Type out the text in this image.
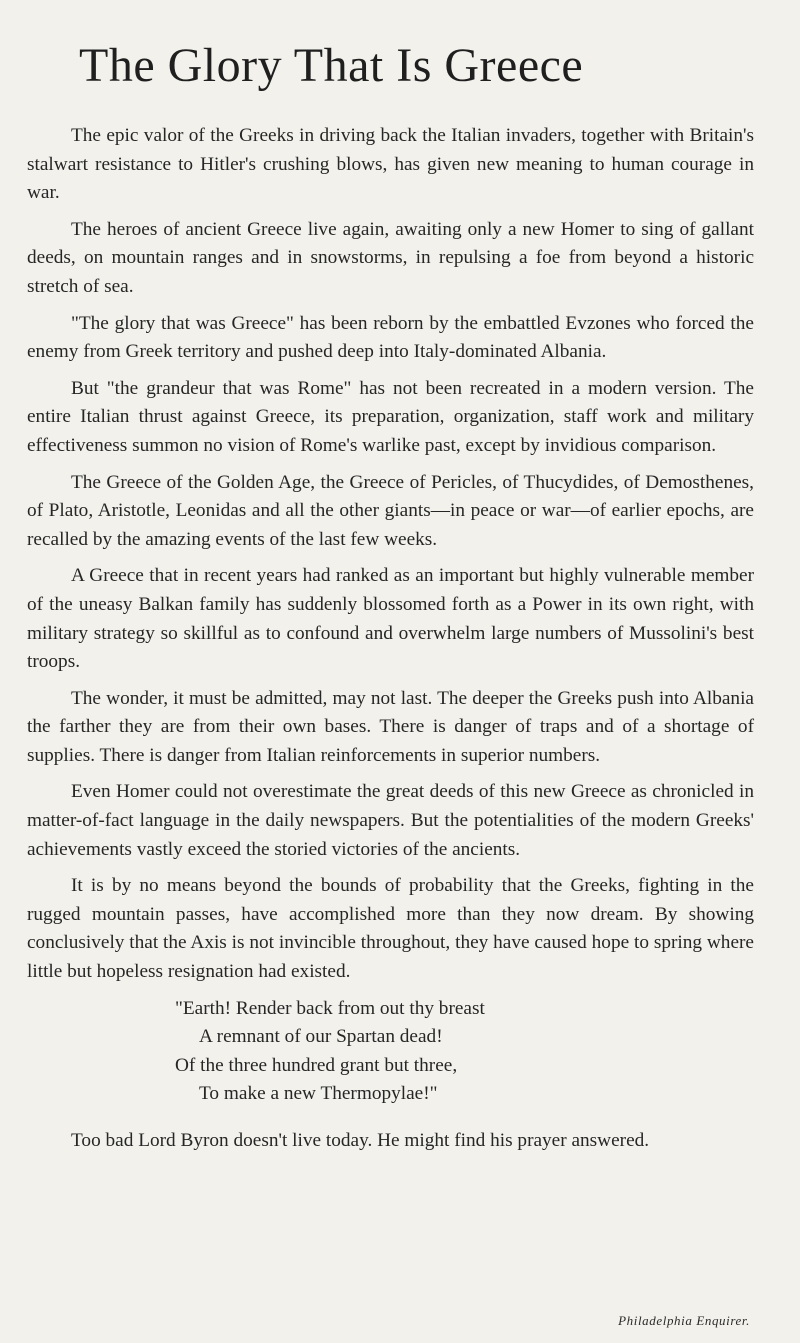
The Glory That Is Greece

The epic valor of the Greeks in driving back the Italian invaders, together with Britain's stalwart resistance to Hitler's crushing blows, has given new meaning to human courage in war.

The heroes of ancient Greece live again, awaiting only a new Homer to sing of gallant deeds, on mountain ranges and in snowstorms, in repulsing a foe from beyond a historic stretch of sea.

"The glory that was Greece" has been reborn by the embattled Evzones who forced the enemy from Greek territory and pushed deep into Italy-dominated Albania.

But "the grandeur that was Rome" has not been recreated in a modern version. The entire Italian thrust against Greece, its preparation, organization, staff work and military effectiveness summon no vision of Rome's warlike past, except by invidious comparison.

The Greece of the Golden Age, the Greece of Pericles, of Thucydides, of Demosthenes, of Plato, Aristotle, Leonidas and all the other giants—in peace or war—of earlier epochs, are recalled by the amazing events of the last few weeks.

A Greece that in recent years had ranked as an important but highly vulnerable member of the uneasy Balkan family has suddenly blossomed forth as a Power in its own right, with military strategy so skillful as to confound and overwhelm large numbers of Mussolini's best troops.

The wonder, it must be admitted, may not last. The deeper the Greeks push into Albania the farther they are from their own bases. There is danger of traps and of a shortage of supplies. There is danger from Italian reinforcements in superior numbers.

Even Homer could not overestimate the great deeds of this new Greece as chronicled in matter-of-fact language in the daily newspapers. But the potentialities of the modern Greeks' achievements vastly exceed the storied victories of the ancients.

It is by no means beyond the bounds of probability that the Greeks, fighting in the rugged mountain passes, have accomplished more than they now dream. By showing conclusively that the Axis is not invincible throughout, they have caused hope to spring where little but hopeless resignation had existed.

"Earth! Render back from out thy breast
A remnant of our Spartan dead!
Of the three hundred grant but three,
To make a new Thermopylae!"

Too bad Lord Byron doesn't live today. He might find his prayer answered.

Philadelphia Enquirer.
